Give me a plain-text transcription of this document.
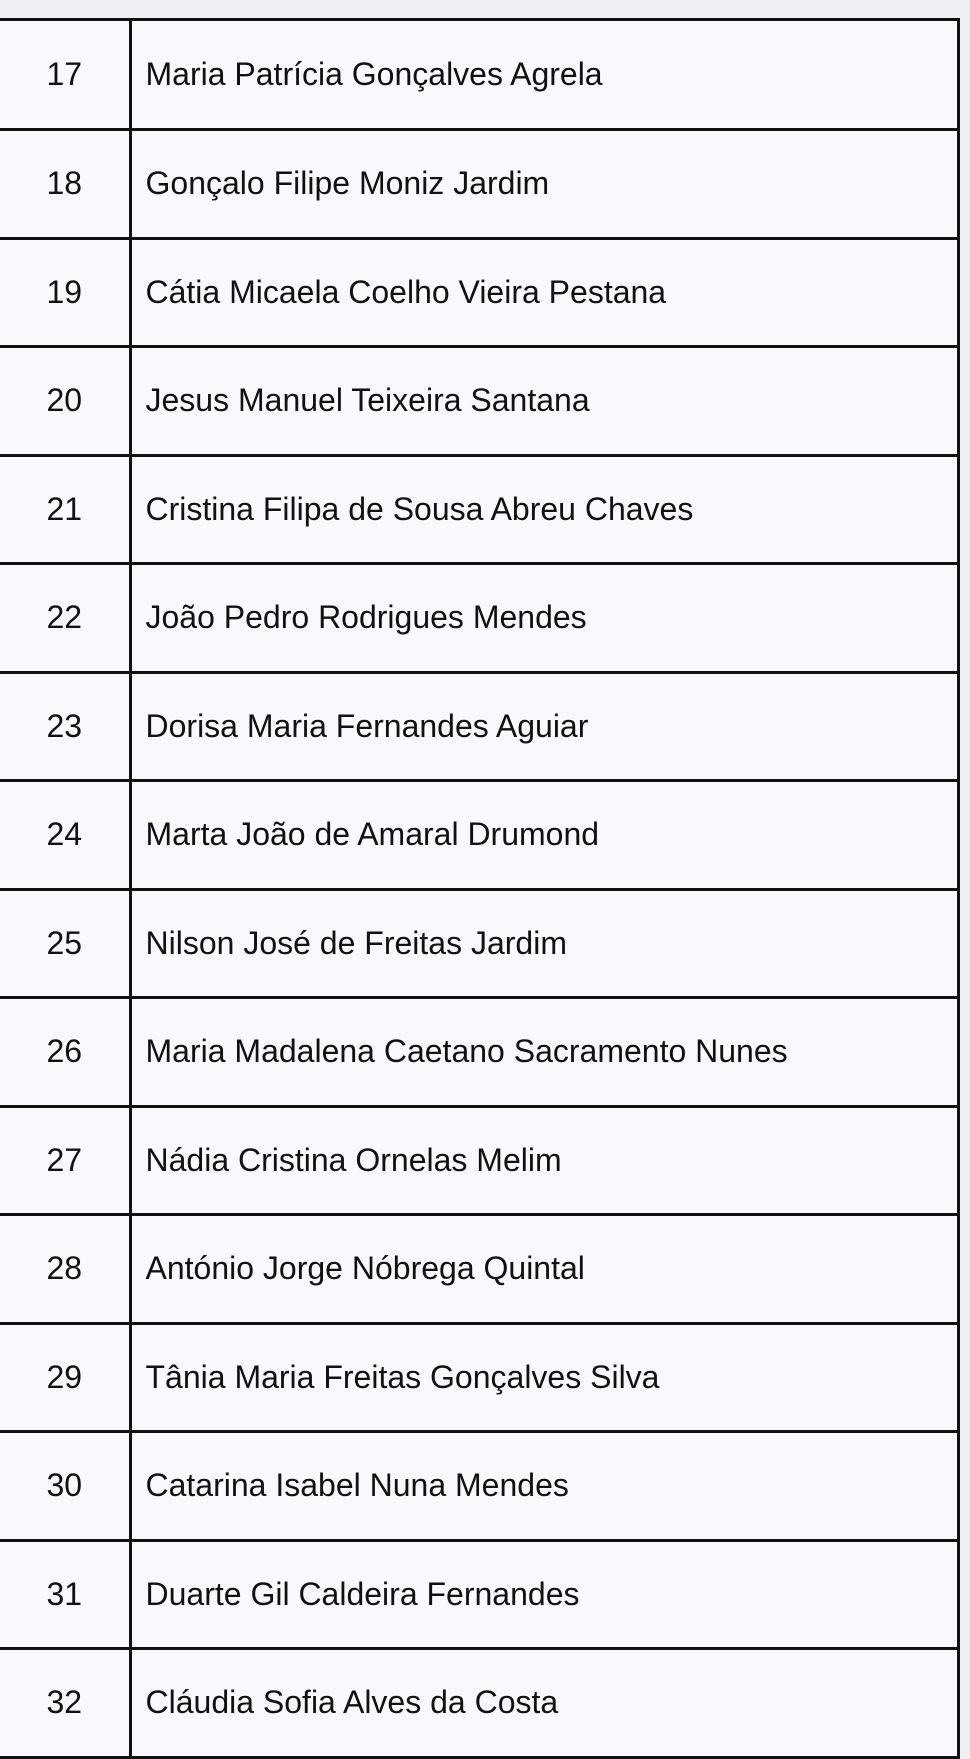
17	Maria Patrícia Gonçalves Agrela
18	Gonçalo Filipe Moniz Jardim
19	Cátia Micaela Coelho Vieira Pestana
20	Jesus Manuel Teixeira Santana
21	Cristina Filipa de Sousa Abreu Chaves
22	João Pedro Rodrigues Mendes
23	Dorisa Maria Fernandes Aguiar
24	Marta João de Amaral Drumond
25	Nilson José de Freitas Jardim
26	Maria Madalena Caetano Sacramento Nunes
27	Nádia Cristina Ornelas Melim
28	António Jorge Nóbrega Quintal
29	Tânia Maria Freitas Gonçalves Silva
30	Catarina Isabel Nuna Mendes
31	Duarte Gil Caldeira Fernandes
32	Cláudia Sofia Alves da Costa
